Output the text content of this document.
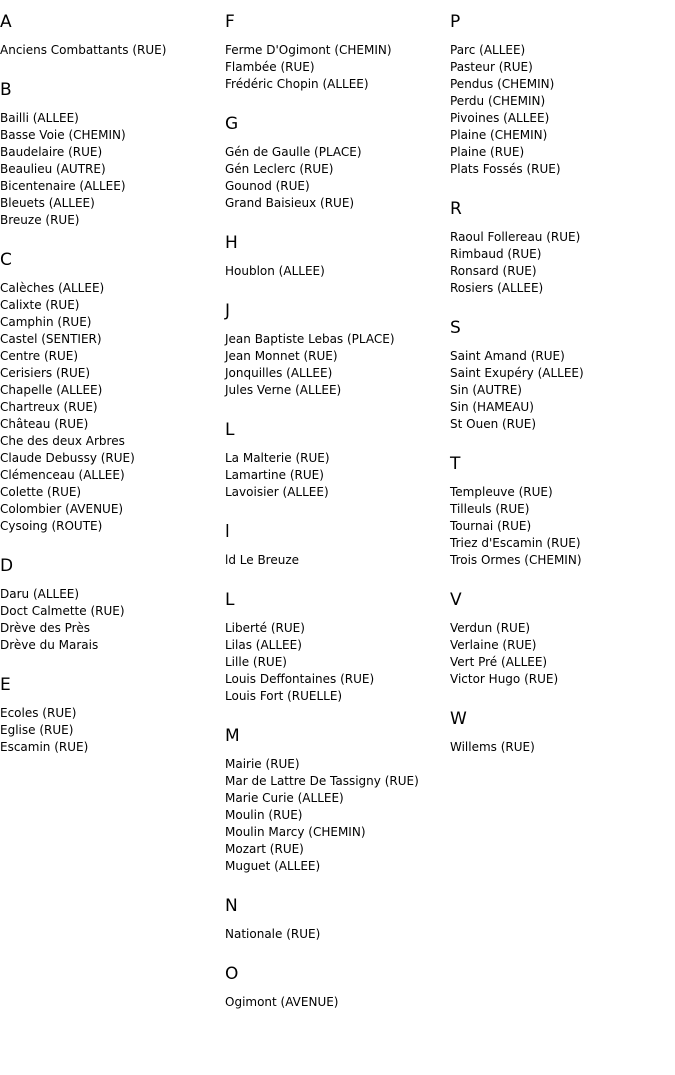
A
Anciens Combattants (RUE)
B
Bailli (ALLEE)
Basse Voie (CHEMIN)
Baudelaire (RUE)
Beaulieu (AUTRE)
Bicentenaire (ALLEE)
Bleuets (ALLEE)
Breuze (RUE)
C
Calèches (ALLEE)
Calixte (RUE)
Camphin (RUE)
Castel (SENTIER)
Centre (RUE)
Cerisiers (RUE)
Chapelle (ALLEE)
Chartreux (RUE)
Château (RUE)
Che des deux Arbres
Claude Debussy (RUE)
Clémenceau (ALLEE)
Colette (RUE)
Colombier (AVENUE)
Cysoing (ROUTE)
D
Daru (ALLEE)
Doct Calmette (RUE)
Drève des Près
Drève du Marais
E
Ecoles (RUE)
Eglise (RUE)
Escamin (RUE)
F
Ferme D'Ogimont (CHEMIN)
Flambée (RUE)
Frédéric Chopin (ALLEE)
G
Gén de Gaulle (PLACE)
Gén Leclerc (RUE)
Gounod (RUE)
Grand Baisieux (RUE)
H
Houblon (ALLEE)
J
Jean Baptiste Lebas (PLACE)
Jean Monnet (RUE)
Jonquilles (ALLEE)
Jules Verne (ALLEE)
L
La Malterie (RUE)
Lamartine (RUE)
Lavoisier (ALLEE)
l
ld Le Breuze
L
Liberté (RUE)
Lilas (ALLEE)
Lille (RUE)
Louis Deffontaines (RUE)
Louis Fort (RUELLE)
M
Mairie (RUE)
Mar de Lattre De Tassigny (RUE)
Marie Curie (ALLEE)
Moulin (RUE)
Moulin Marcy (CHEMIN)
Mozart (RUE)
Muguet (ALLEE)
N
Nationale (RUE)
O
Ogimont (AVENUE)
P
Parc (ALLEE)
Pasteur (RUE)
Pendus (CHEMIN)
Perdu (CHEMIN)
Pivoines (ALLEE)
Plaine (CHEMIN)
Plaine (RUE)
Plats Fossés (RUE)
R
Raoul Follereau (RUE)
Rimbaud (RUE)
Ronsard (RUE)
Rosiers (ALLEE)
S
Saint Amand (RUE)
Saint Exupéry (ALLEE)
Sin (AUTRE)
Sin (HAMEAU)
St Ouen (RUE)
T
Templeuve (RUE)
Tilleuls (RUE)
Tournai (RUE)
Triez d'Escamin (RUE)
Trois Ormes (CHEMIN)
V
Verdun (RUE)
Verlaine (RUE)
Vert Pré (ALLEE)
Victor Hugo (RUE)
W
Willems (RUE)
